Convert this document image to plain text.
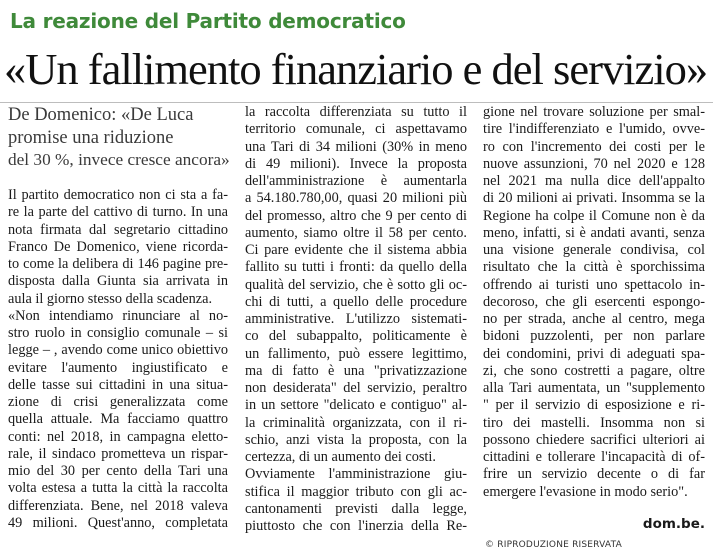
La reazione del Partito democratico
«Un fallimento finanziario e del servizio»
De Domenico: «De Luca
promise una riduzione
del 30 %, invece cresce ancora»
Il partito democratico non ci sta a fa-
re la parte del cattivo di turno. In una
nota firmata dal segretario cittadino
Franco De Domenico, viene ricorda-
to come la delibera di 146 pagine pre-
disposta dalla Giunta sia arrivata in
aula il giorno stesso della scadenza.
«Non intendiamo rinunciare al no-
stro ruolo in consiglio comunale – si
legge – , avendo come unico obiettivo
evitare l'aumento ingiustificato e
delle tasse sui cittadini in una situa-
zione di crisi generalizzata come
quella attuale. Ma facciamo quattro
conti: nel 2018, in campagna eletto-
rale, il sindaco prometteva un rispar-
mio del 30 per cento della Tari una
volta estesa a tutta la città la raccolta
differenziata. Bene, nel 2018 valeva
49 milioni. Quest'anno, completata
la raccolta differenziata su tutto il
territorio comunale, ci aspettavamo
una Tari di 34 milioni (30% in meno
di 49 milioni). Invece la proposta
dell'amministrazione è aumentarla
a 54.180.780,00, quasi 20 milioni più
del promesso, altro che 9 per cento di
aumento, siamo oltre il 58 per cento.
Ci pare evidente che il sistema abbia
fallito su tutti i fronti: da quello della
qualità del servizio, che è sotto gli oc-
chi di tutti, a quello delle procedure
amministrative. L'utilizzo sistemati-
co del subappalto, politicamente è
un fallimento, può essere legittimo,
ma di fatto è una "privatizzazione
non desiderata" del servizio, peraltro
in un settore "delicato e contiguo" al-
la criminalità organizzata, con il ri-
schio, anzi vista la proposta, con la
certezza, di un aumento dei costi.
Ovviamente l'amministrazione giu-
stifica il maggior tributo con gli ac-
cantonamenti previsti dalla legge,
piuttosto che con l'inerzia della Re-
gione nel trovare soluzione per smal-
tire l'indifferenziato e l'umido, ovve-
ro con l'incremento dei costi per le
nuove assunzioni, 70 nel 2020 e 128
nel 2021 ma nulla dice dell'appalto
di 20 milioni ai privati. Insomma se la
Regione ha colpe il Comune non è da
meno, infatti, si è andati avanti, senza
una visione generale condivisa, col
risultato che la città è sporchissima
offrendo ai turisti uno spettacolo in-
decoroso, che gli esercenti espongo-
no per strada, anche al centro, mega
bidoni puzzolenti, per non parlare
dei condomini, privi di adeguati spa-
zi, che sono costretti a pagare, oltre
alla Tari aumentata, un "supplemento
" per il servizio di esposizione e ri-
tiro dei mastelli. Insomma non si
possono chiedere sacrifici ulteriori ai
cittadini e tollerare l'incapacità di of-
frire un servizio decente o di far
emergere l'evasione in modo serio".
dom.be.
© RIPRODUZIONE RISERVATA
